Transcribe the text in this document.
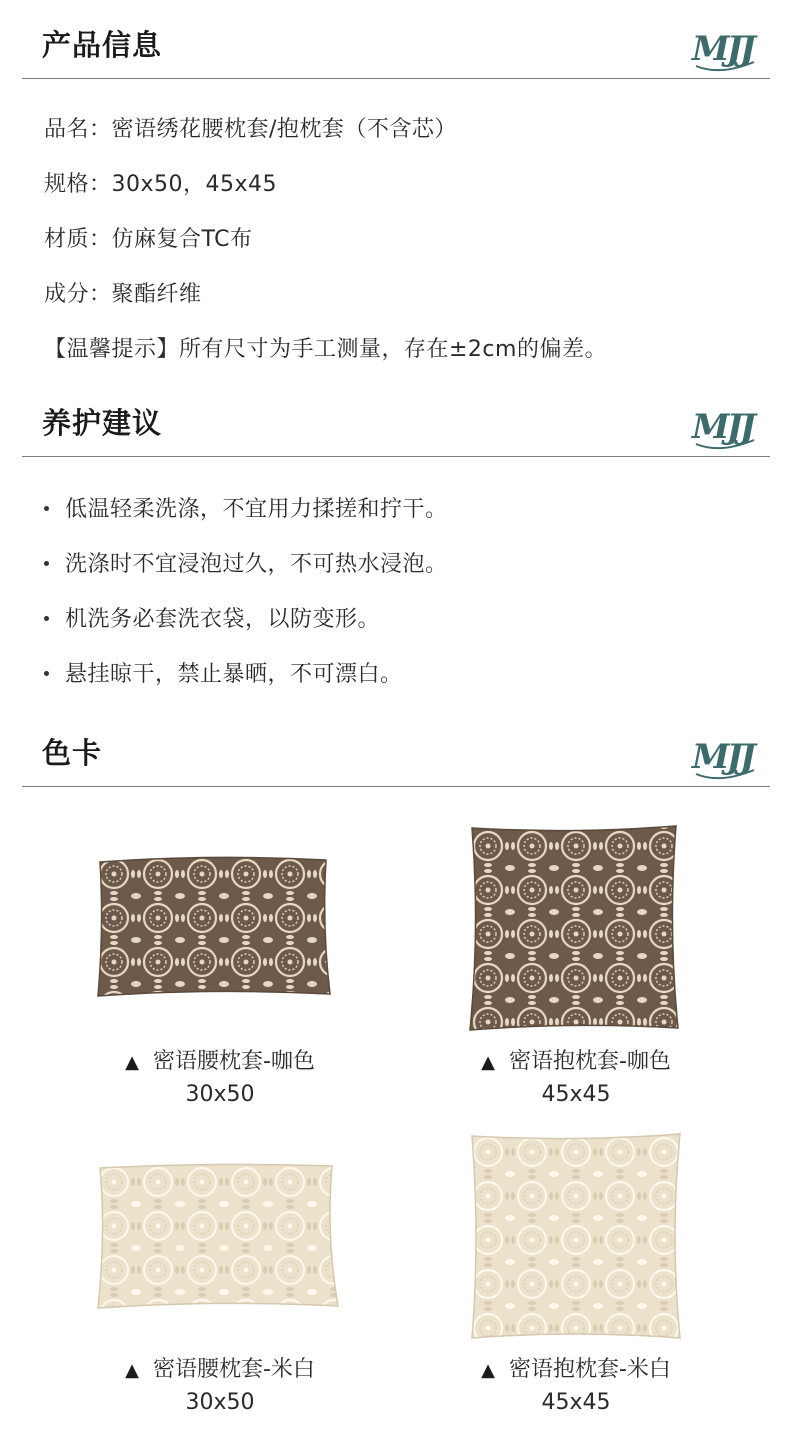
产品信息
品名：密语绣花腰枕套/抱枕套（不含芯）
规格：30x50，45x45
材质：仿麻复合TC布
成分：聚酯纤维
【温馨提示】所有尺寸为手工测量，存在±2cm的偏差。
养护建议
低温轻柔洗涤，不宜用力揉搓和拧干。
洗涤时不宜浸泡过久，不可热水浸泡。
机洗务必套洗衣袋，以防变形。
悬挂晾干，禁止暴晒，不可漂白。
色卡
▲ 密语腰枕套-咖色
30x50
▲ 密语抱枕套-咖色
45x45
▲ 密语腰枕套-米白
30x50
▲ 密语抱枕套-米白
45x45
